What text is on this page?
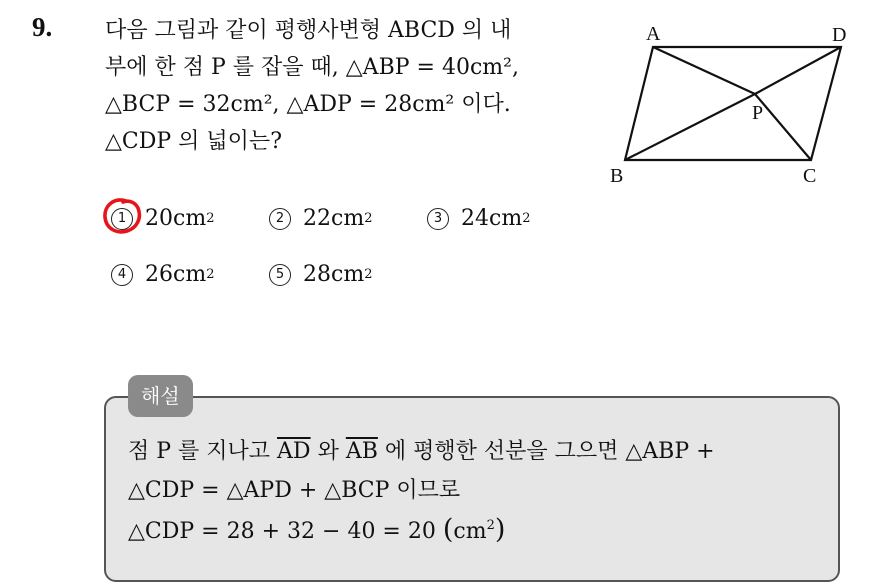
9. 다음 그림과 같이 평행사변형 ABCD 의 내
부에 한 점 P 를 잡을 때, △ABP = 40cm²,
△BCP = 32cm², △ADP = 28cm² 이다.
△CDP 의 넓이는?
A	D
P
B	C
1 20cm 2	2 22cm 2	3 24cm 2
4 26cm 2	5 28cm 2
해설
점 P 를 지나고 $\overline{AD}$ 와 $\overline{AB}$ 에 평행한 선분을 그으면 △ABP +
△CDP = △APD + △BCP 이므로
△CDP = 28 + 32 − 40 = 20 $(cm^2)$
